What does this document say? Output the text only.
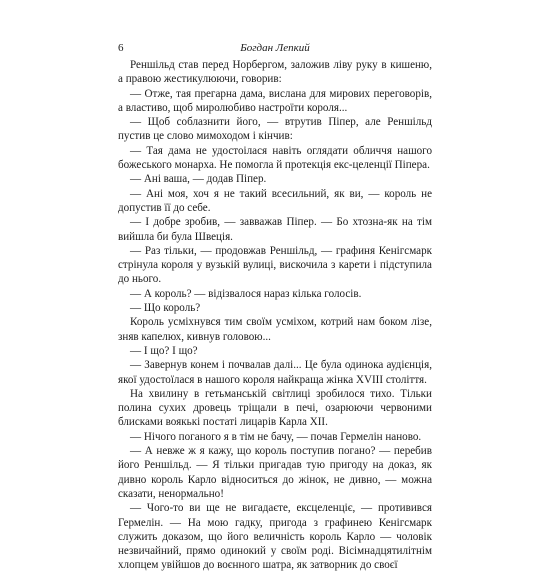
6	Богдан Лепкий

Реншільд став перед Норбергом, заложив ліву руку в кишеню, а правою жестикулюючи, говорив:

— Отже, тая прегарна дама, вислана для мирових переговорів, а властиво, щоб миролюбиво настроїти короля...

— Щоб соблазнити його, — втрутив Піпер, але Реншільд пустив це слово мимоходом і кінчив:

— Тая дама не удостоілася навіть оглядати обличчя нашого божеського монарха. Не помогла й протекція екс-целенції Піпера.

— Ані ваша, — додав Піпер.

— Ані моя, хоч я не такий всесильний, як ви, — король не допустив її до себе.

— І добре зробив, — завважав Піпер. — Бо хтозна-як на тім вийшла би була Швеція.

— Раз тільки, — продовжав Реншільд, — графиня Кенігсмарк стрінула короля у вузькій вулиці, вискочила з карети і підступила до нього.

— А король? — відізвалося нараз кілька голосів.

— Що король?

Король усміхнувся тим своїм усміхом, котрий нам боком лізе, зняв капелюх, кивнув головою...

— І що? І що?

— Завернув конем і почвалав далі... Це була одинока аудієнція, якої удостоїлася в нашого короля найкраща жінка XVIII століття.

На хвилину в гетьманській світлиці зробилося тихо. Тільки полина сухих дровець тріщали в печі, озарюючи червоними блисками воякькі постаті лицарів Карла XII.

— Нічого поганого я в тім не бачу, — почав Гермелін наново.

— А невже ж я кажу, що король поступив погано? — перебив його Реншільд. — Я тільки пригадав тую пригоду на доказ, як дивно король Карло відноситься до жінок, не дивно, — можна сказати, ненормально!

— Чого-то ви ще не вигадаєте, ексцеленціє, — противився Гермелін. — На мою гадку, пригода з графинею Кенігсмарк служить доказом, що його величність король Карло — чоловік незвичайний, прямо одинокий у своїм роді. Вісімнадцятилітнім хлопцем увійшов до воєнного шатра, як затворник до своєї
